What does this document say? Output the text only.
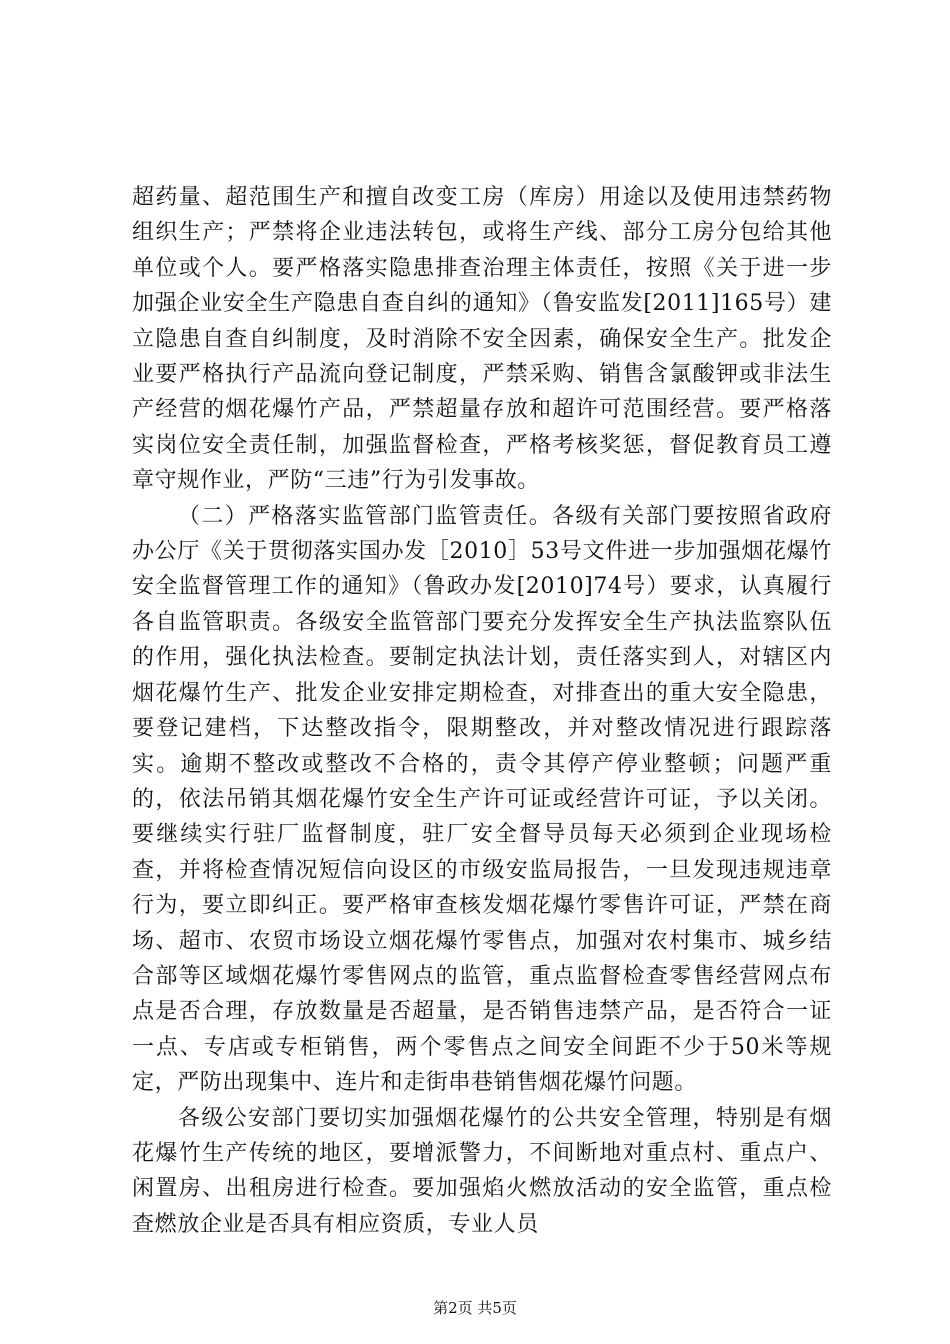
超药量、超范围生产和擅自改变工房（库房）用途以及使用违禁药物组织生产；严禁将企业违法转包，或将生产线、部分工房分包给其他单位或个人。要严格落实隐患排查治理主体责任，按照《关于进一步加强企业安全生产隐患自查自纠的通知》（鲁安监发[2011]165号）建立隐患自查自纠制度，及时消除不安全因素，确保安全生产。批发企业要严格执行产品流向登记制度，严禁采购、销售含氯酸钾或非法生产经营的烟花爆竹产品，严禁超量存放和超许可范围经营。要严格落实岗位安全责任制，加强监督检查，严格考核奖惩，督促教育员工遵章守规作业，严防“三违”行为引发事故。

（二）严格落实监管部门监管责任。各级有关部门要按照省政府办公厅《关于贯彻落实国办发［2010］53号文件进一步加强烟花爆竹安全监督管理工作的通知》（鲁政办发[2010]74号）要求，认真履行各自监管职责。各级安全监管部门要充分发挥安全生产执法监察队伍的作用，强化执法检查。要制定执法计划，责任落实到人，对辖区内烟花爆竹生产、批发企业安排定期检查，对排查出的重大安全隐患，要登记建档，下达整改指令，限期整改，并对整改情况进行跟踪落实。逾期不整改或整改不合格的，责令其停产停业整顿；问题严重的，依法吊销其烟花爆竹安全生产许可证或经营许可证，予以关闭。要继续实行驻厂监督制度，驻厂安全督导员每天必须到企业现场检查，并将检查情况短信向设区的市级安监局报告，一旦发现违规违章行为，要立即纠正。要严格审查核发烟花爆竹零售许可证，严禁在商场、超市、农贸市场设立烟花爆竹零售点，加强对农村集市、城乡结合部等区域烟花爆竹零售网点的监管，重点监督检查零售经营网点布点是否合理，存放数量是否超量，是否销售违禁产品，是否符合一证一点、专店或专柜销售，两个零售点之间安全间距不少于50米等规定，严防出现集中、连片和走街串巷销售烟花爆竹问题。

各级公安部门要切实加强烟花爆竹的公共安全管理，特别是有烟花爆竹生产传统的地区，要增派警力，不间断地对重点村、重点户、闲置房、出租房进行检查。要加强焰火燃放活动的安全监管，重点检查燃放企业是否具有相应资质，专业人员

第2页 共5页
